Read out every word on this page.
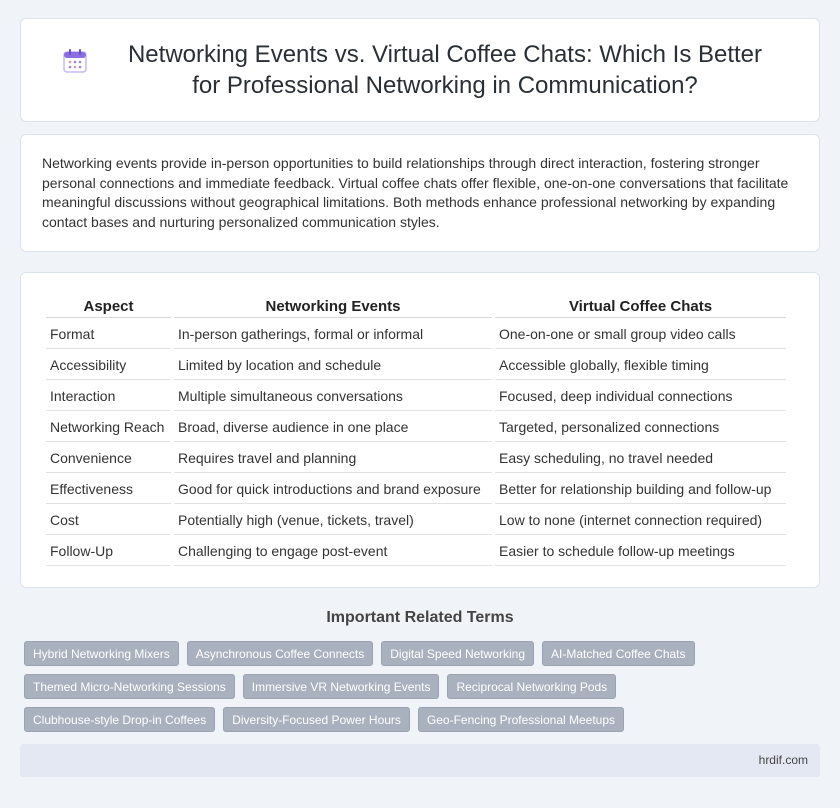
Networking Events vs. Virtual Coffee Chats: Which Is Better for Professional Networking in Communication?

Networking events provide in-person opportunities to build relationships through direct interaction, fostering stronger personal connections and immediate feedback. Virtual coffee chats offer flexible, one-on-one conversations that facilitate meaningful discussions without geographical limitations. Both methods enhance professional networking by expanding contact bases and nurturing personalized communication styles.

Aspect	Networking Events	Virtual Coffee Chats
Format	In-person gatherings, formal or informal	One-on-one or small group video calls
Accessibility	Limited by location and schedule	Accessible globally, flexible timing
Interaction	Multiple simultaneous conversations	Focused, deep individual connections
Networking Reach	Broad, diverse audience in one place	Targeted, personalized connections
Convenience	Requires travel and planning	Easy scheduling, no travel needed
Effectiveness	Good for quick introductions and brand exposure	Better for relationship building and follow-up
Cost	Potentially high (venue, tickets, travel)	Low to none (internet connection required)
Follow-Up	Challenging to engage post-event	Easier to schedule follow-up meetings
Important Related Terms
Hybrid Networking Mixers	Asynchronous Coffee Connects	Digital Speed Networking	AI-Matched Coffee Chats
Themed Micro-Networking Sessions	Immersive VR Networking Events	Reciprocal Networking Pods
Clubhouse-style Drop-in Coffees	Diversity-Focused Power Hours	Geo-Fencing Professional Meetups
hrdif.com
